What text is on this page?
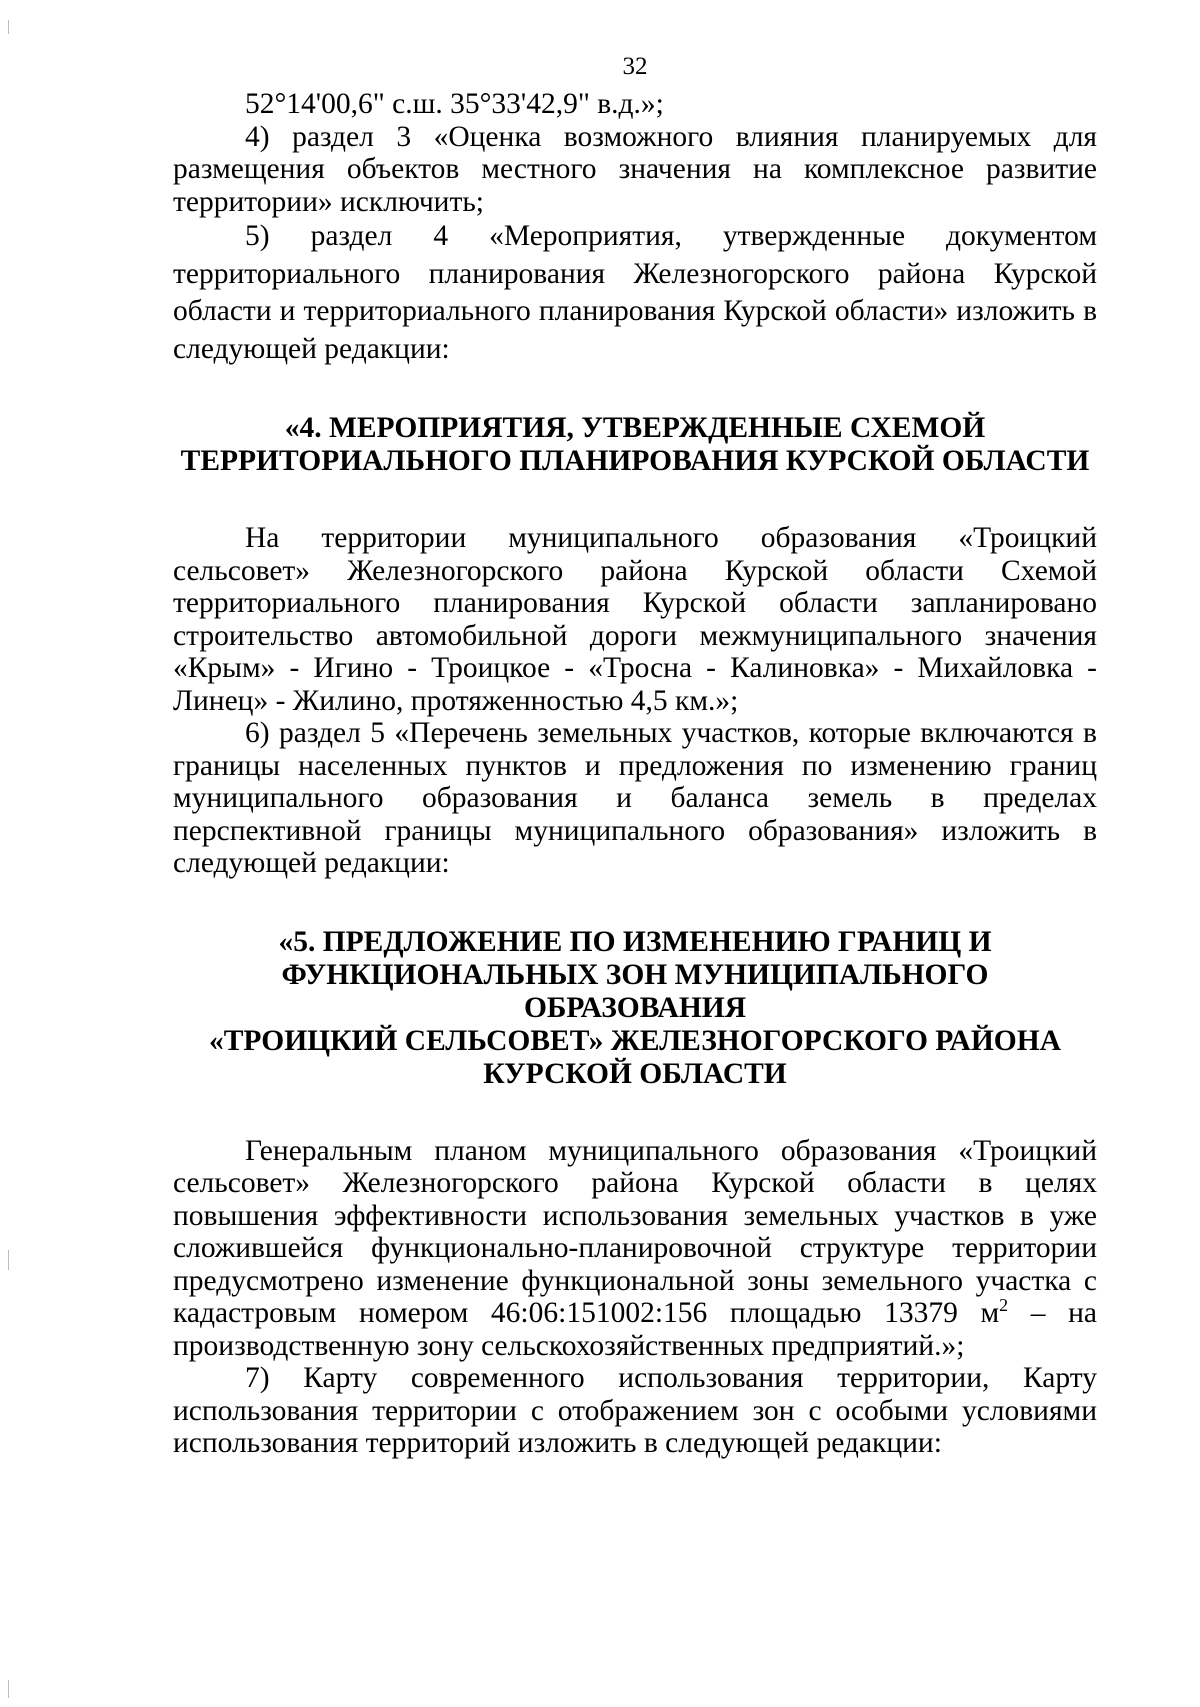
32

52°14'00,6" с.ш. 35°33'42,9" в.д.»;

4) раздел 3 «Оценка возможного влияния планируемых для размещения объектов местного значения на комплексное развитие территории» исключить;

5) раздел 4 «Мероприятия, утвержденные документом территориального планирования Железногорского района Курской области и территориального планирования Курской области» изложить в следующей редакции:

«4. МЕРОПРИЯТИЯ, УТВЕРЖДЕННЫЕ СХЕМОЙ
ТЕРРИТОРИАЛЬНОГО ПЛАНИРОВАНИЯ КУРСКОЙ ОБЛАСТИ

На территории муниципального образования «Троицкий сельсовет» Железногорского района Курской области Схемой территориального планирования Курской области запланировано строительство автомобильной дороги межмуниципального значения «Крым» - Игино - Троицкое - «Тросна - Калиновка» - Михайловка - Линец» - Жилино, протяженностью 4,5 км.»;

6) раздел 5 «Перечень земельных участков, которые включаются в границы населенных пунктов и предложения по изменению границ муниципального образования и баланса земель в пределах перспективной границы муниципального образования» изложить в следующей редакции:

«5. ПРЕДЛОЖЕНИЕ ПО ИЗМЕНЕНИЮ ГРАНИЦ И
ФУНКЦИОНАЛЬНЫХ ЗОН МУНИЦИПАЛЬНОГО ОБРАЗОВАНИЯ
«ТРОИЦКИЙ СЕЛЬСОВЕТ» ЖЕЛЕЗНОГОРСКОГО РАЙОНА
КУРСКОЙ ОБЛАСТИ

Генеральным планом муниципального образования «Троицкий сельсовет» Железногорского района Курской области в целях повышения эффективности использования земельных участков в уже сложившейся функционально-планировочной структуре территории предусмотрено изменение функциональной зоны земельного участка с кадастровым номером 46:06:151002:156 площадью 13379 $м^2$ – на производственную зону сельскохозяйственных предприятий.»;

7) Карту современного использования территории, Карту использования территории с отображением зон с особыми условиями использования территорий изложить в следующей редакции:
